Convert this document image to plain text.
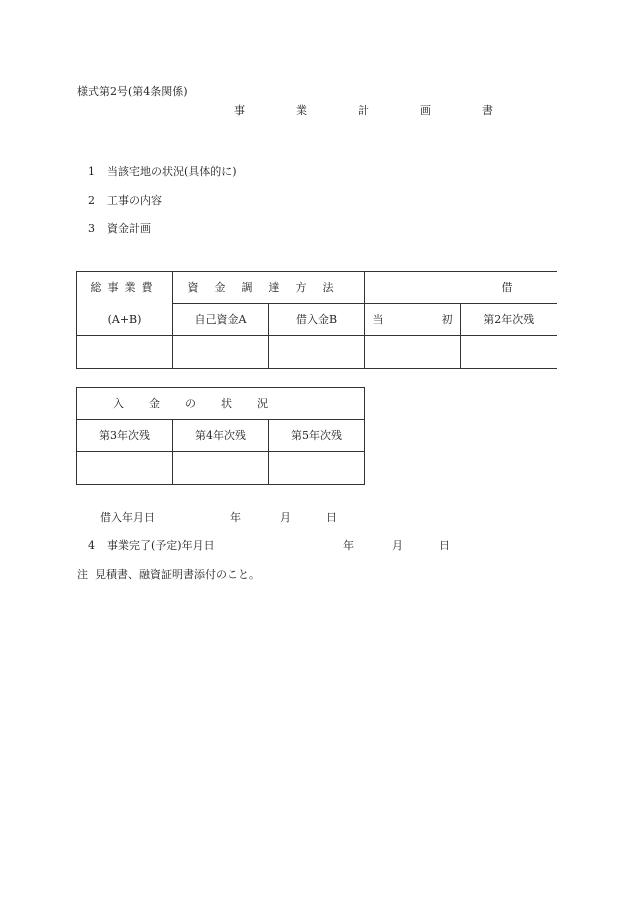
様式第2号(第4条関係)
事　業　計　画　書
1 当該宅地の状況(具体的に)
2 工事の内容
3 資金計画
総事業費	資金調達方法		借	
(A+B)	自己資金A	借入金B	当 初	第2年次残

入金の状況		
第3年次残	第4年次残	第5年次残

借入年月日	年	月	日
4 事業完了(予定)年月日	年	月	日
注 見積書、融資証明書添付のこと。
